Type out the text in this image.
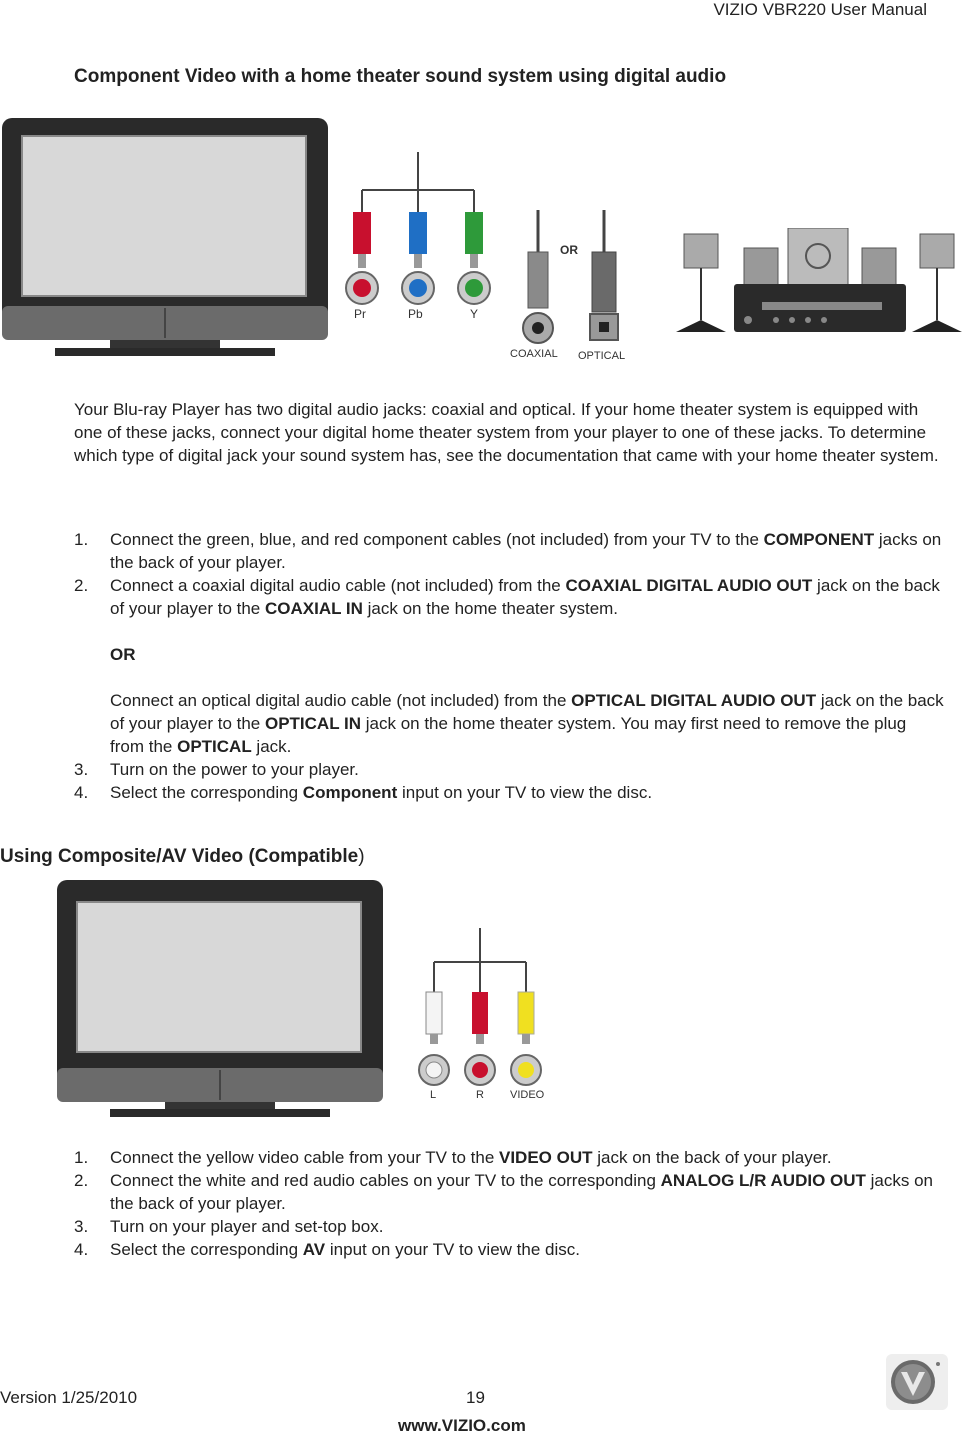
VIZIO VBR220 User Manual
Component Video with a home theater sound system using digital audio
Pr	Pb	Y
OR
COAXIAL OPTICAL
Your Blu-ray Player has two digital audio jacks: coaxial and optical. If your home theater system is equipped with one of these jacks, connect your digital home theater system from your player to one of these jacks. To determine which type of digital jack your sound system has, see the documentation that came with your home theater system.
1. Connect the green, blue, and red component cables (not included) from your TV to the COMPONENT jacks on the back of your player.
2. Connect a coaxial digital audio cable (not included) from the COAXIAL DIGITAL AUDIO OUT jack on the back of your player to the COAXIAL IN jack on the home theater system.
OR
Connect an optical digital audio cable (not included) from the OPTICAL DIGITAL AUDIO OUT jack on the back of your player to the OPTICAL IN jack on the home theater system. You may first need to remove the plug from the OPTICAL jack.
3. Turn on the power to your player.
4. Select the corresponding Component input on your TV to view the disc.
Using Composite/AV Video (Compatible)
L	R VIDEO
1. Connect the yellow video cable from your TV to the VIDEO OUT jack on the back of your player.
2. Connect the white and red audio cables on your TV to the corresponding ANALOG L/R AUDIO OUT jacks on the back of your player.
3. Turn on your player and set-top box.
4. Select the corresponding AV input on your TV to view the disc.
Version 1/25/2010	19
www.VIZIO.com
